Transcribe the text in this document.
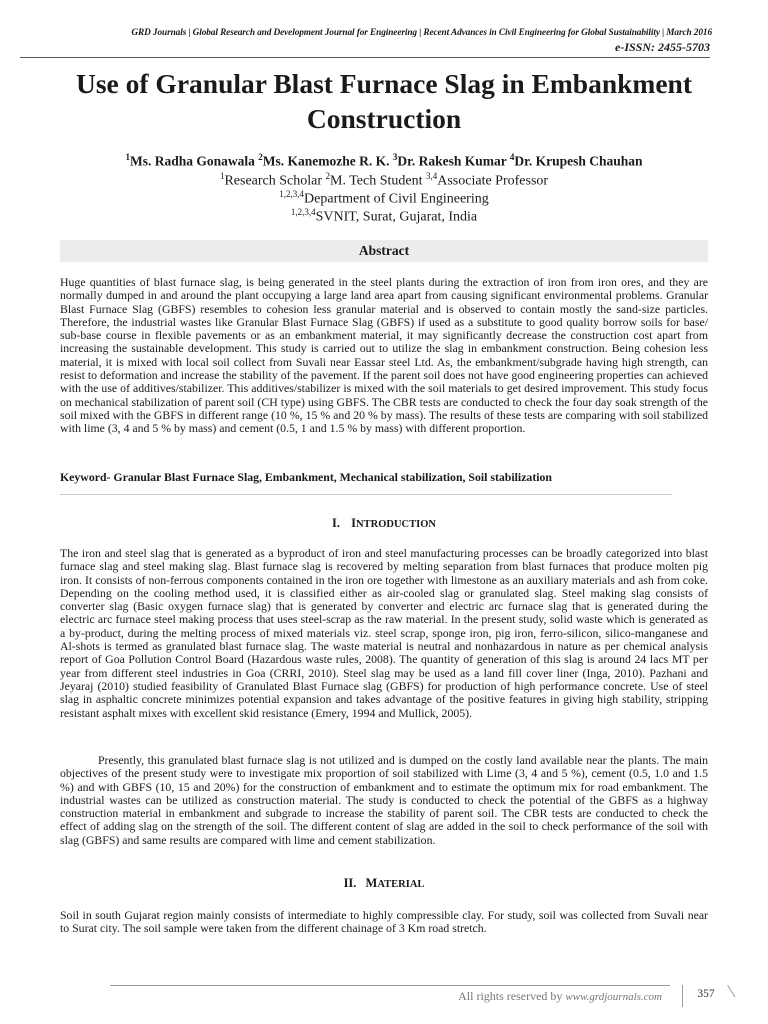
GRD Journals | Global Research and Development Journal for Engineering | Recent Advances in Civil Engineering for Global Sustainability | March 2016
e-ISSN: 2455-5703
Use of Granular Blast Furnace Slag in Embankment Construction
$^1$Ms. Radha Gonawala $^2$Ms. Kanemozhe R. K. $^3$Dr. Rakesh Kumar $^4$Dr. Krupesh Chauhan
$^1$Research Scholar $^2$M. Tech Student $^{3,4}$Associate Professor
$^{1,2,3,4}$Department of Civil Engineering
$^{1,2,3,4}$SVNIT, Surat, Gujarat, India
Abstract

Huge quantities of blast furnace slag, is being generated in the steel plants during the extraction of iron from iron ores, and they are normally dumped in and around the plant occupying a large land area apart from causing significant environmental problems. Granular Blast Furnace Slag (GBFS) resembles to cohesion less granular material and is observed to contain mostly the sand-size particles. Therefore, the industrial wastes like Granular Blast Furnace Slag (GBFS) if used as a substitute to good quality borrow soils for base/ sub-base course in flexible pavements or as an embankment material, it may significantly decrease the construction cost apart from increasing the sustainable development. This study is carried out to utilize the slag in embankment construction. Being cohesion less material, it is mixed with local soil collect from Suvali near Eassar steel Ltd. As, the embankment/subgrade having high strength, can resist to deformation and increase the stability of the pavement. If the parent soil does not have good engineering properties can achieved with the use of additives/stabilizer. This additives/stabilizer is mixed with the soil materials to get desired improvement. This study focus on mechanical stabilization of parent soil (CH type) using GBFS. The CBR tests are conducted to check the four day soak strength of the soil mixed with the GBFS in different range (10 %, 15 % and 20 % by mass). The results of these tests are comparing with soil stabilized with lime (3, 4 and 5 % by mass) and cement (0.5, 1 and 1.5 % by mass) with different proportion.

Keyword- Granular Blast Furnace Slag, Embankment, Mechanical stabilization, Soil stabilization
I. INTRODUCTION

The iron and steel slag that is generated as a byproduct of iron and steel manufacturing processes can be broadly categorized into blast furnace slag and steel making slag. Blast furnace slag is recovered by melting separation from blast furnaces that produce molten pig iron. It consists of non-ferrous components contained in the iron ore together with limestone as an auxiliary materials and ash from coke. Depending on the cooling method used, it is classified either as air-cooled slag or granulated slag. Steel making slag consists of converter slag (Basic oxygen furnace slag) that is generated by converter and electric arc furnace slag that is generated during the electric arc furnace steel making process that uses steel-scrap as the raw material. In the present study, solid waste which is generated as a by-product, during the melting process of mixed materials viz. steel scrap, sponge iron, pig iron, ferro-silicon, silico-manganese and Al-shots is termed as granulated blast furnace slag. The waste material is neutral and nonhazardous in nature as per chemical analysis report of Goa Pollution Control Board (Hazardous waste rules, 2008). The quantity of generation of this slag is around 24 lacs MT per year from different steel industries in Goa (CRRI, 2010). Steel slag may be used as a land fill cover liner (Inga, 2010). Pazhani and Jeyaraj (2010) studied feasibility of Granulated Blast Furnace slag (GBFS) for production of high performance concrete. Use of steel slag in asphaltic concrete minimizes potential expansion and takes advantage of the positive features in giving high stability, stripping resistant asphalt mixes with excellent skid resistance (Emery, 1994 and Mullick, 2005).

Presently, this granulated blast furnace slag is not utilized and is dumped on the costly land available near the plants. The main objectives of the present study were to investigate mix proportion of soil stabilized with Lime (3, 4 and 5 %), cement (0.5, 1.0 and 1.5 %) and with GBFS (10, 15 and 20%) for the construction of embankment and to estimate the optimum mix for road embankment. The industrial wastes can be utilized as construction material. The study is conducted to check the potential of the GBFS as a highway construction material in embankment and subgrade to increase the stability of parent soil. The CBR tests are conducted to check the effect of adding slag on the strength of the soil. The different content of slag are added in the soil to check performance of the soil with slag (GBFS) and same results are compared with lime and cement stabilization.

II. MATERIAL

Soil in south Gujarat region mainly consists of intermediate to highly compressible clay. For study, soil was collected from Suvali near to Surat city. The soil sample were taken from the different chainage of 3 Km road stretch.

All rights reserved by www.grdjournals.com	357
